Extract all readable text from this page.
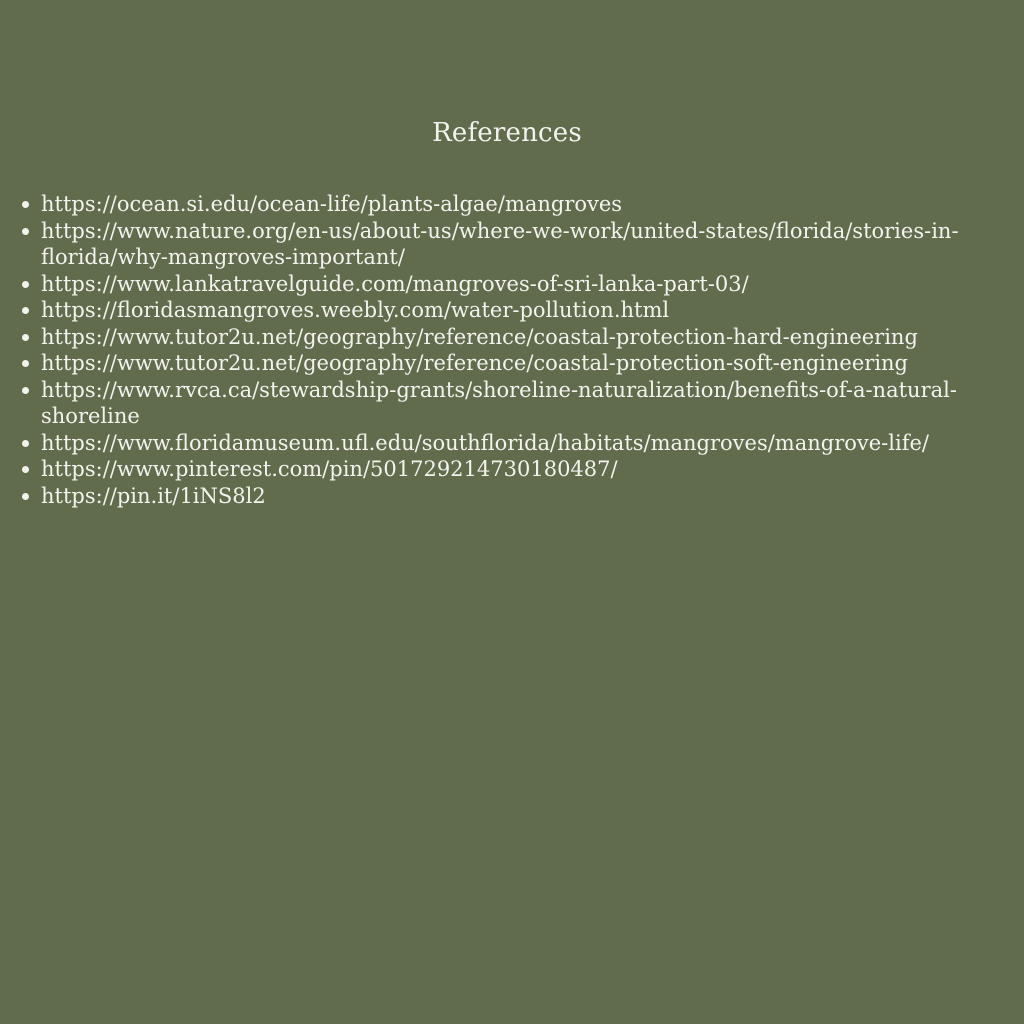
References
https://ocean.si.edu/ocean-life/plants-algae/mangroves
https://www.nature.org/en-us/about-us/where-we-work/united-states/florida/stories-in-florida/why-mangroves-important/
https://www.lankatravelguide.com/mangroves-of-sri-lanka-part-03/
https://floridasmangroves.weebly.com/water-pollution.html
https://www.tutor2u.net/geography/reference/coastal-protection-hard-engineering
https://www.tutor2u.net/geography/reference/coastal-protection-soft-engineering
https://www.rvca.ca/stewardship-grants/shoreline-naturalization/benefits-of-a-natural-shoreline
https://www.floridamuseum.ufl.edu/southflorida/habitats/mangroves/mangrove-life/
https://www.pinterest.com/pin/501729214730180487/
https://pin.it/1iNS8l2
